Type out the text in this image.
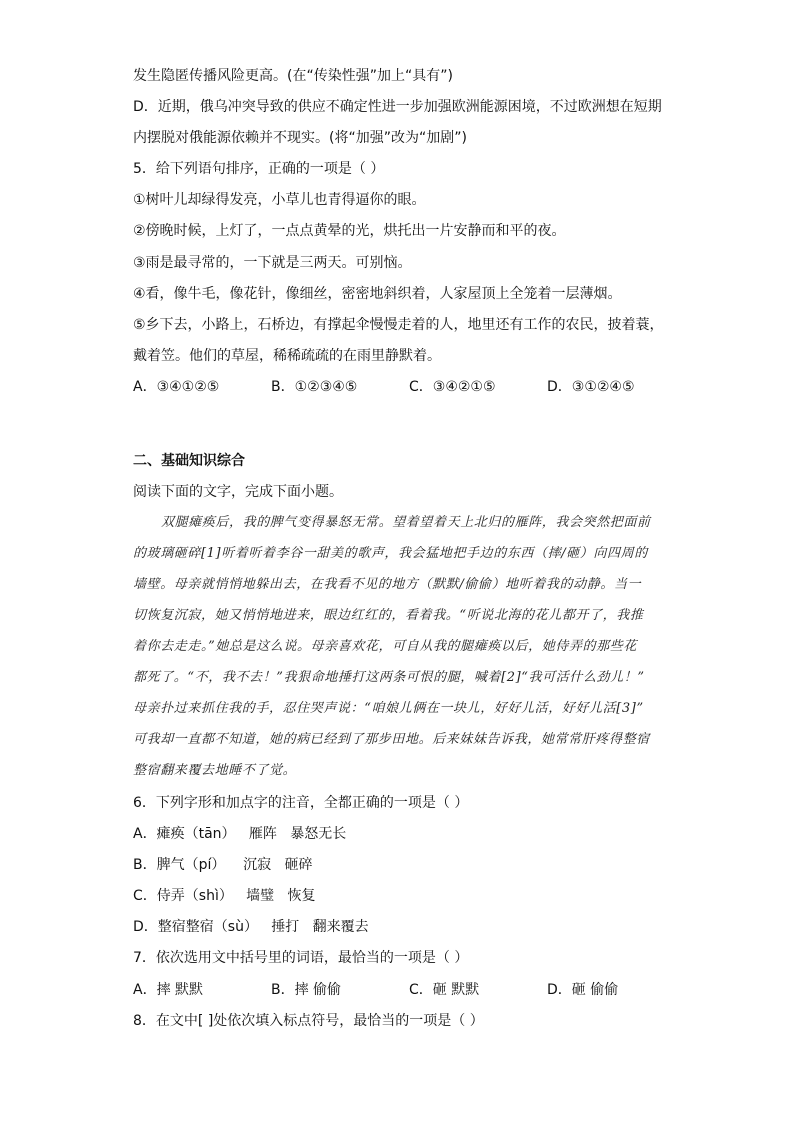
发生隐匿传播风险更高。(在“传染性强”加上“具有”)
D．近期，俄乌冲突导致的供应不确定性进一步加强欧洲能源困境，不过欧洲想在短期
内摆脱对俄能源依赖并不现实。(将“加强”改为“加剧”)
5．给下列语句排序，正确的一项是（ ）
①树叶儿却绿得发亮，小草儿也青得逼你的眼。
②傍晚时候，上灯了，一点点黄晕的光，烘托出一片安静而和平的夜。
③雨是最寻常的，一下就是三两天。可别恼。
④看，像牛毛，像花针，像细丝，密密地斜织着，人家屋顶上全笼着一层薄烟。
⑤乡下去，小路上，石桥边，有撑起伞慢慢走着的人，地里还有工作的农民，披着蓑，
戴着笠。他们的草屋，稀稀疏疏的在雨里静默着。
A．③④①②⑤	B．①②③④⑤	C．③④②①⑤	D．③①②④⑤
二、基础知识综合
阅读下面的文字，完成下面小题。
双腿瘫痪后，我的脾气变得暴怒无常。望着望着天上北归的雁阵，我会突然把面前
的玻璃砸碎[1]听着听着李谷一甜美的歌声，我会猛地把手边的东西（摔/砸）向四周的
墙壁。母亲就悄悄地躲出去，在我看不见的地方（默默/偷偷）地听着我的动静。当一
切恢复沉寂，她又悄悄地进来，眼边红红的，看着我。“听说北海的花儿都开了，我推
着你去走走。”她总是这么说。母亲喜欢花，可自从我的腿瘫痪以后，她侍弄的那些花
都死了。“不，我不去！”我狠命地捶打这两条可恨的腿，喊着[2]“我可活什么劲儿！”
母亲扑过来抓住我的手，忍住哭声说：“咱娘儿俩在一块儿，好好儿活，好好儿活[3]”
可我却一直都不知道，她的病已经到了那步田地。后来妹妹告诉我，她常常肝疼得整宿
整宿翻来覆去地睡不了觉。
6．下列字形和加点字的注音，全都正确的一项是（ ）
A．瘫痪（tān）   雁阵   暴怒无长
B．脾气（pí）    沉寂   砸碎
C．侍弄（shì）   墙璧   恢复
D．整宿整宿（sù）   捶打   翻来覆去
7．依次选用文中括号里的词语，最恰当的一项是（ ）
A．摔 默默	B．摔 偷偷	C．砸 默默	D．砸 偷偷
8．在文中[ ]处依次填入标点符号，最恰当的一项是（ ）
